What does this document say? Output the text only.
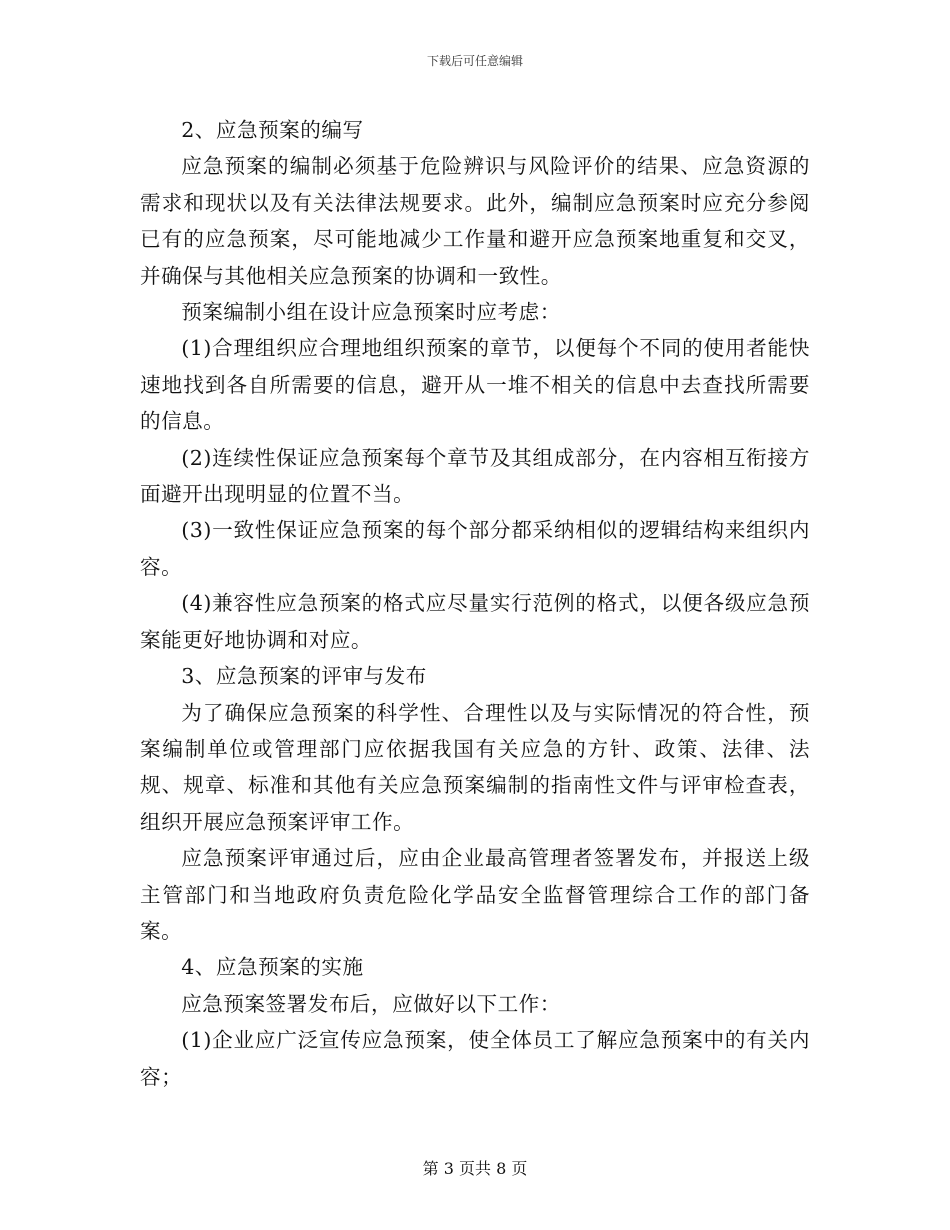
下载后可任意编辑

2、应急预案的编写

应急预案的编制必须基于危险辨识与风险评价的结果、应急资源的需求和现状以及有关法律法规要求。此外，编制应急预案时应充分参阅已有的应急预案，尽可能地减少工作量和避开应急预案地重复和交叉，并确保与其他相关应急预案的协调和一致性。

预案编制小组在设计应急预案时应考虑：

(1)合理组织应合理地组织预案的章节，以便每个不同的使用者能快速地找到各自所需要的信息，避开从一堆不相关的信息中去查找所需要的信息。

(2)连续性保证应急预案每个章节及其组成部分，在内容相互衔接方面避开出现明显的位置不当。

(3)一致性保证应急预案的每个部分都采纳相似的逻辑结构来组织内容。

(4)兼容性应急预案的格式应尽量实行范例的格式，以便各级应急预案能更好地协调和对应。

3、应急预案的评审与发布

为了确保应急预案的科学性、合理性以及与实际情况的符合性，预案编制单位或管理部门应依据我国有关应急的方针、政策、法律、法规、规章、标准和其他有关应急预案编制的指南性文件与评审检查表，组织开展应急预案评审工作。

应急预案评审通过后，应由企业最高管理者签署发布，并报送上级主管部门和当地政府负责危险化学品安全监督管理综合工作的部门备案。

4、应急预案的实施

应急预案签署发布后，应做好以下工作：

(1)企业应广泛宣传应急预案，使全体员工了解应急预案中的有关内容；

第 3 页共 8 页
